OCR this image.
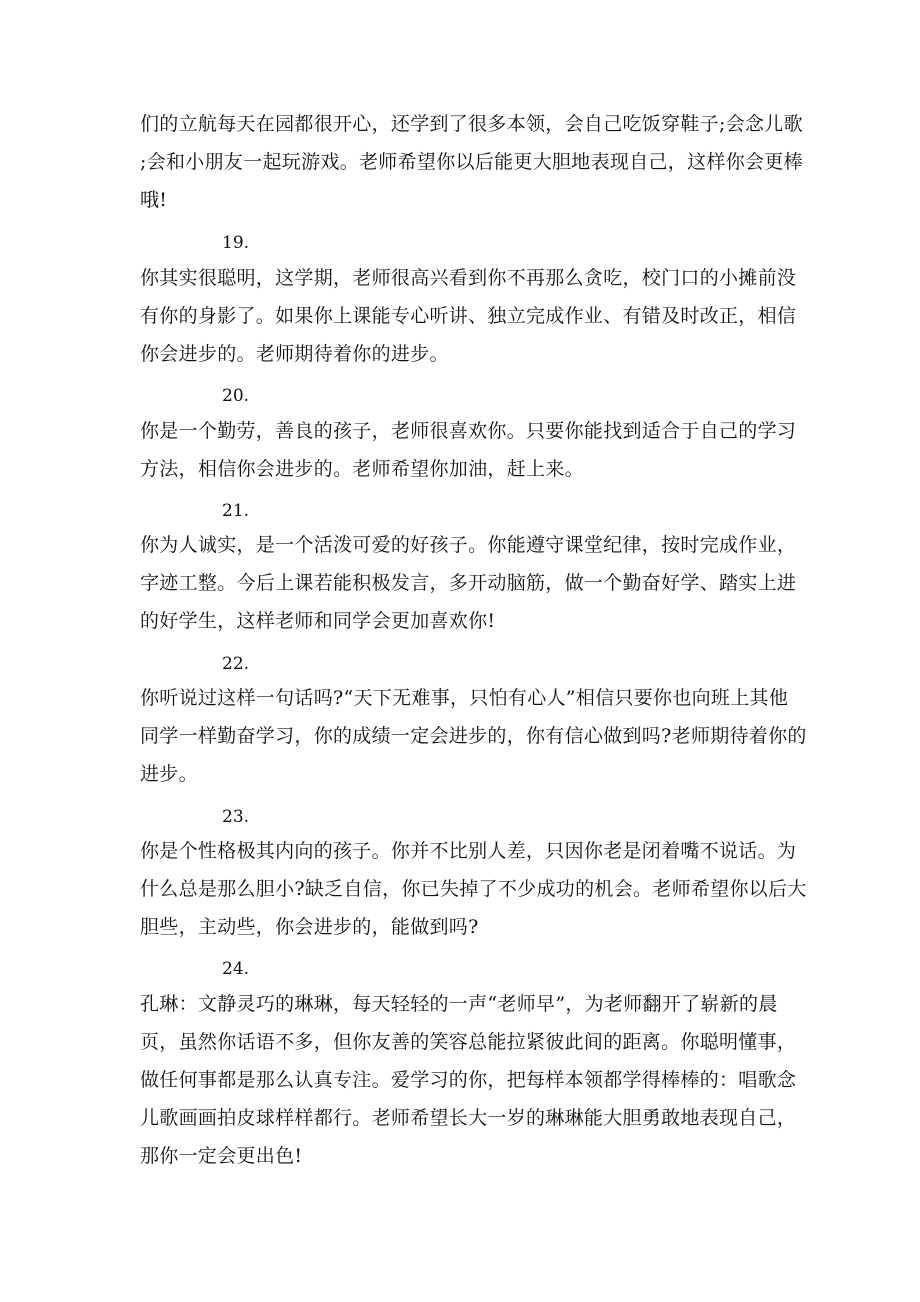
们的立航每天在园都很开心，还学到了很多本领，会自己吃饭穿鞋子;会念儿歌
;会和小朋友一起玩游戏。老师希望你以后能更大胆地表现自己，这样你会更棒
哦!
19.
你其实很聪明，这学期，老师很高兴看到你不再那么贪吃，校门口的小摊前没
有你的身影了。如果你上课能专心听讲、独立完成作业、有错及时改正，相信
你会进步的。老师期待着你的进步。
20.
你是一个勤劳，善良的孩子，老师很喜欢你。只要你能找到适合于自己的学习
方法，相信你会进步的。老师希望你加油，赶上来。
21.
你为人诚实，是一个活泼可爱的好孩子。你能遵守课堂纪律，按时完成作业，
字迹工整。今后上课若能积极发言，多开动脑筋，做一个勤奋好学、踏实上进
的好学生，这样老师和同学会更加喜欢你!
22.
你听说过这样一句话吗?“天下无难事，只怕有心人”相信只要你也向班上其他
同学一样勤奋学习，你的成绩一定会进步的，你有信心做到吗?老师期待着你的
进步。
23.
你是个性格极其内向的孩子。你并不比别人差，只因你老是闭着嘴不说话。为
什么总是那么胆小?缺乏自信，你已失掉了不少成功的机会。老师希望你以后大
胆些，主动些，你会进步的，能做到吗?
24.
孔琳：文静灵巧的琳琳，每天轻轻的一声“老师早”，为老师翻开了崭新的晨
页，虽然你话语不多，但你友善的笑容总能拉紧彼此间的距离。你聪明懂事，
做任何事都是那么认真专注。爱学习的你，把每样本领都学得棒棒的：唱歌念
儿歌画画拍皮球样样都行。老师希望长大一岁的琳琳能大胆勇敢地表现自己，
那你一定会更出色!
